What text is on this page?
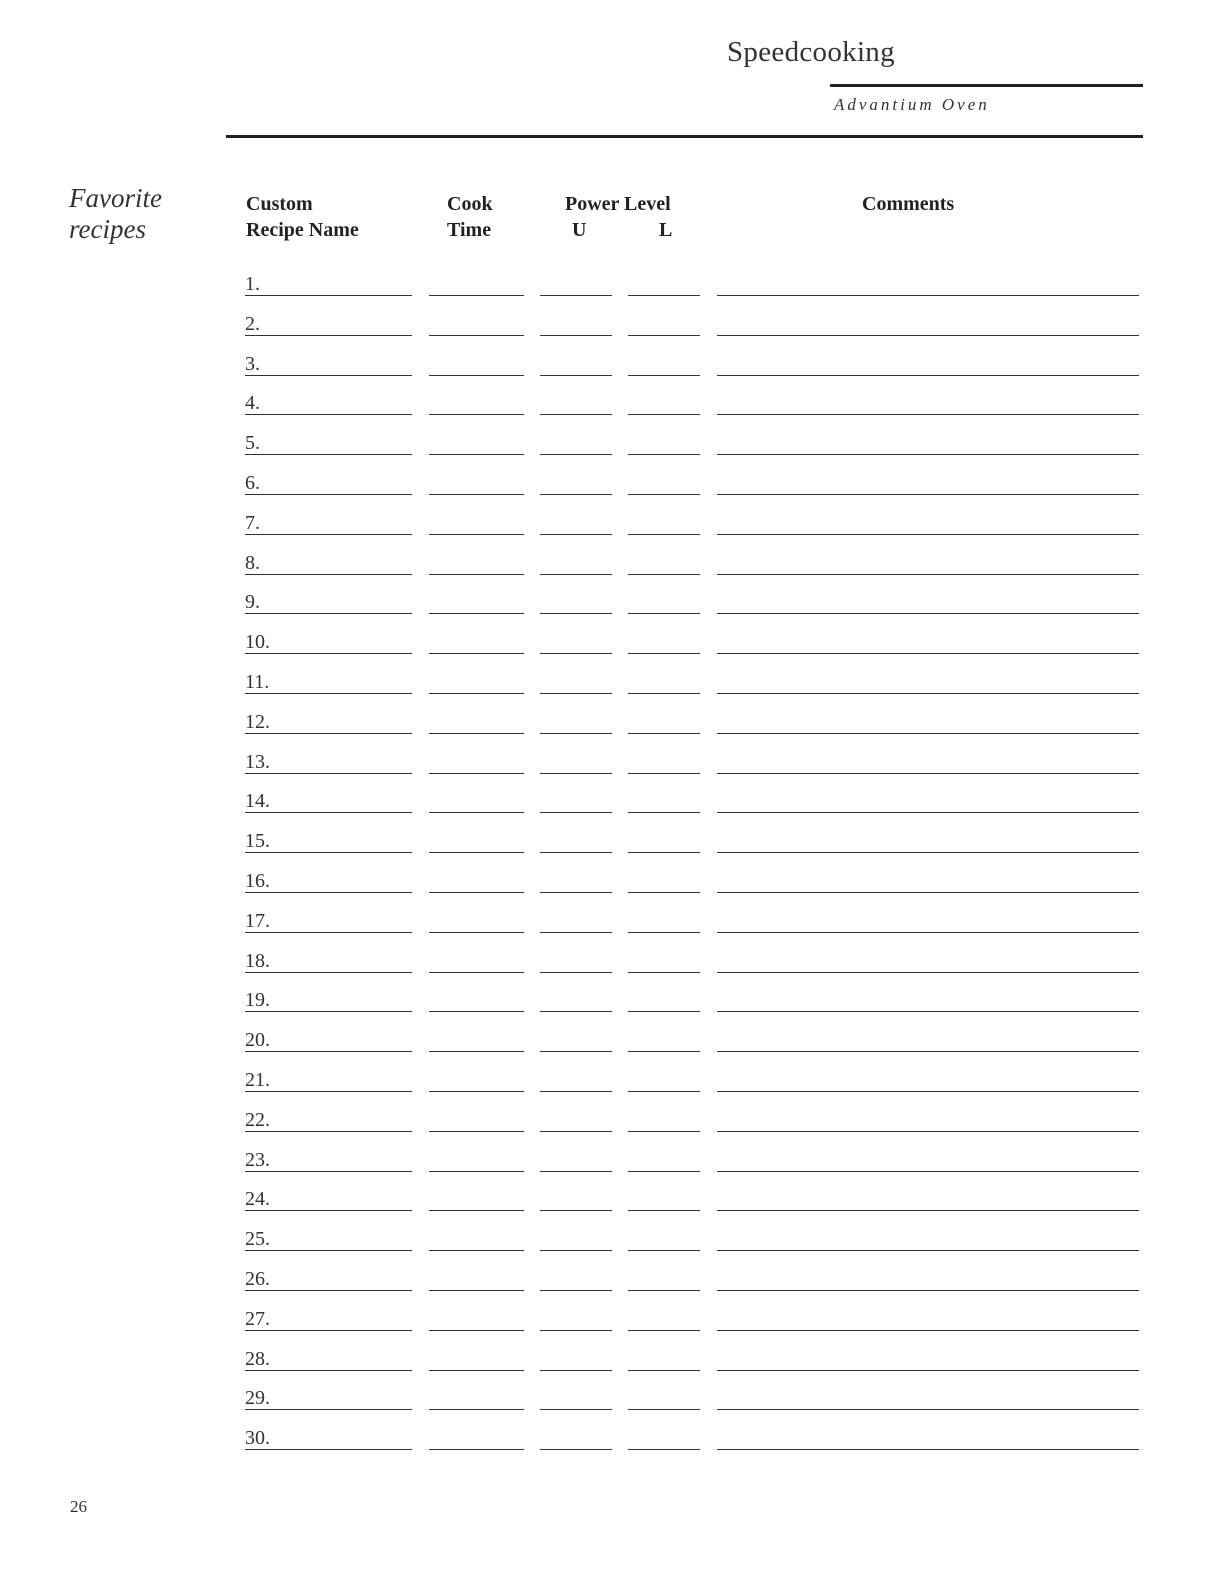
Speedcooking
Advantium Oven
Favorite
recipes
Custom
Recipe Name
Cook
Time
Power Level
U	L
Comments
1.
2.
3.
4.
5.
6.
7.
8.
9.
10.
11.
12.
13.
14.
15.
16.
17.
18.
19.
20.
21.
22.
23.
24.
25.
26.
27.
28.
29.
30.
26
